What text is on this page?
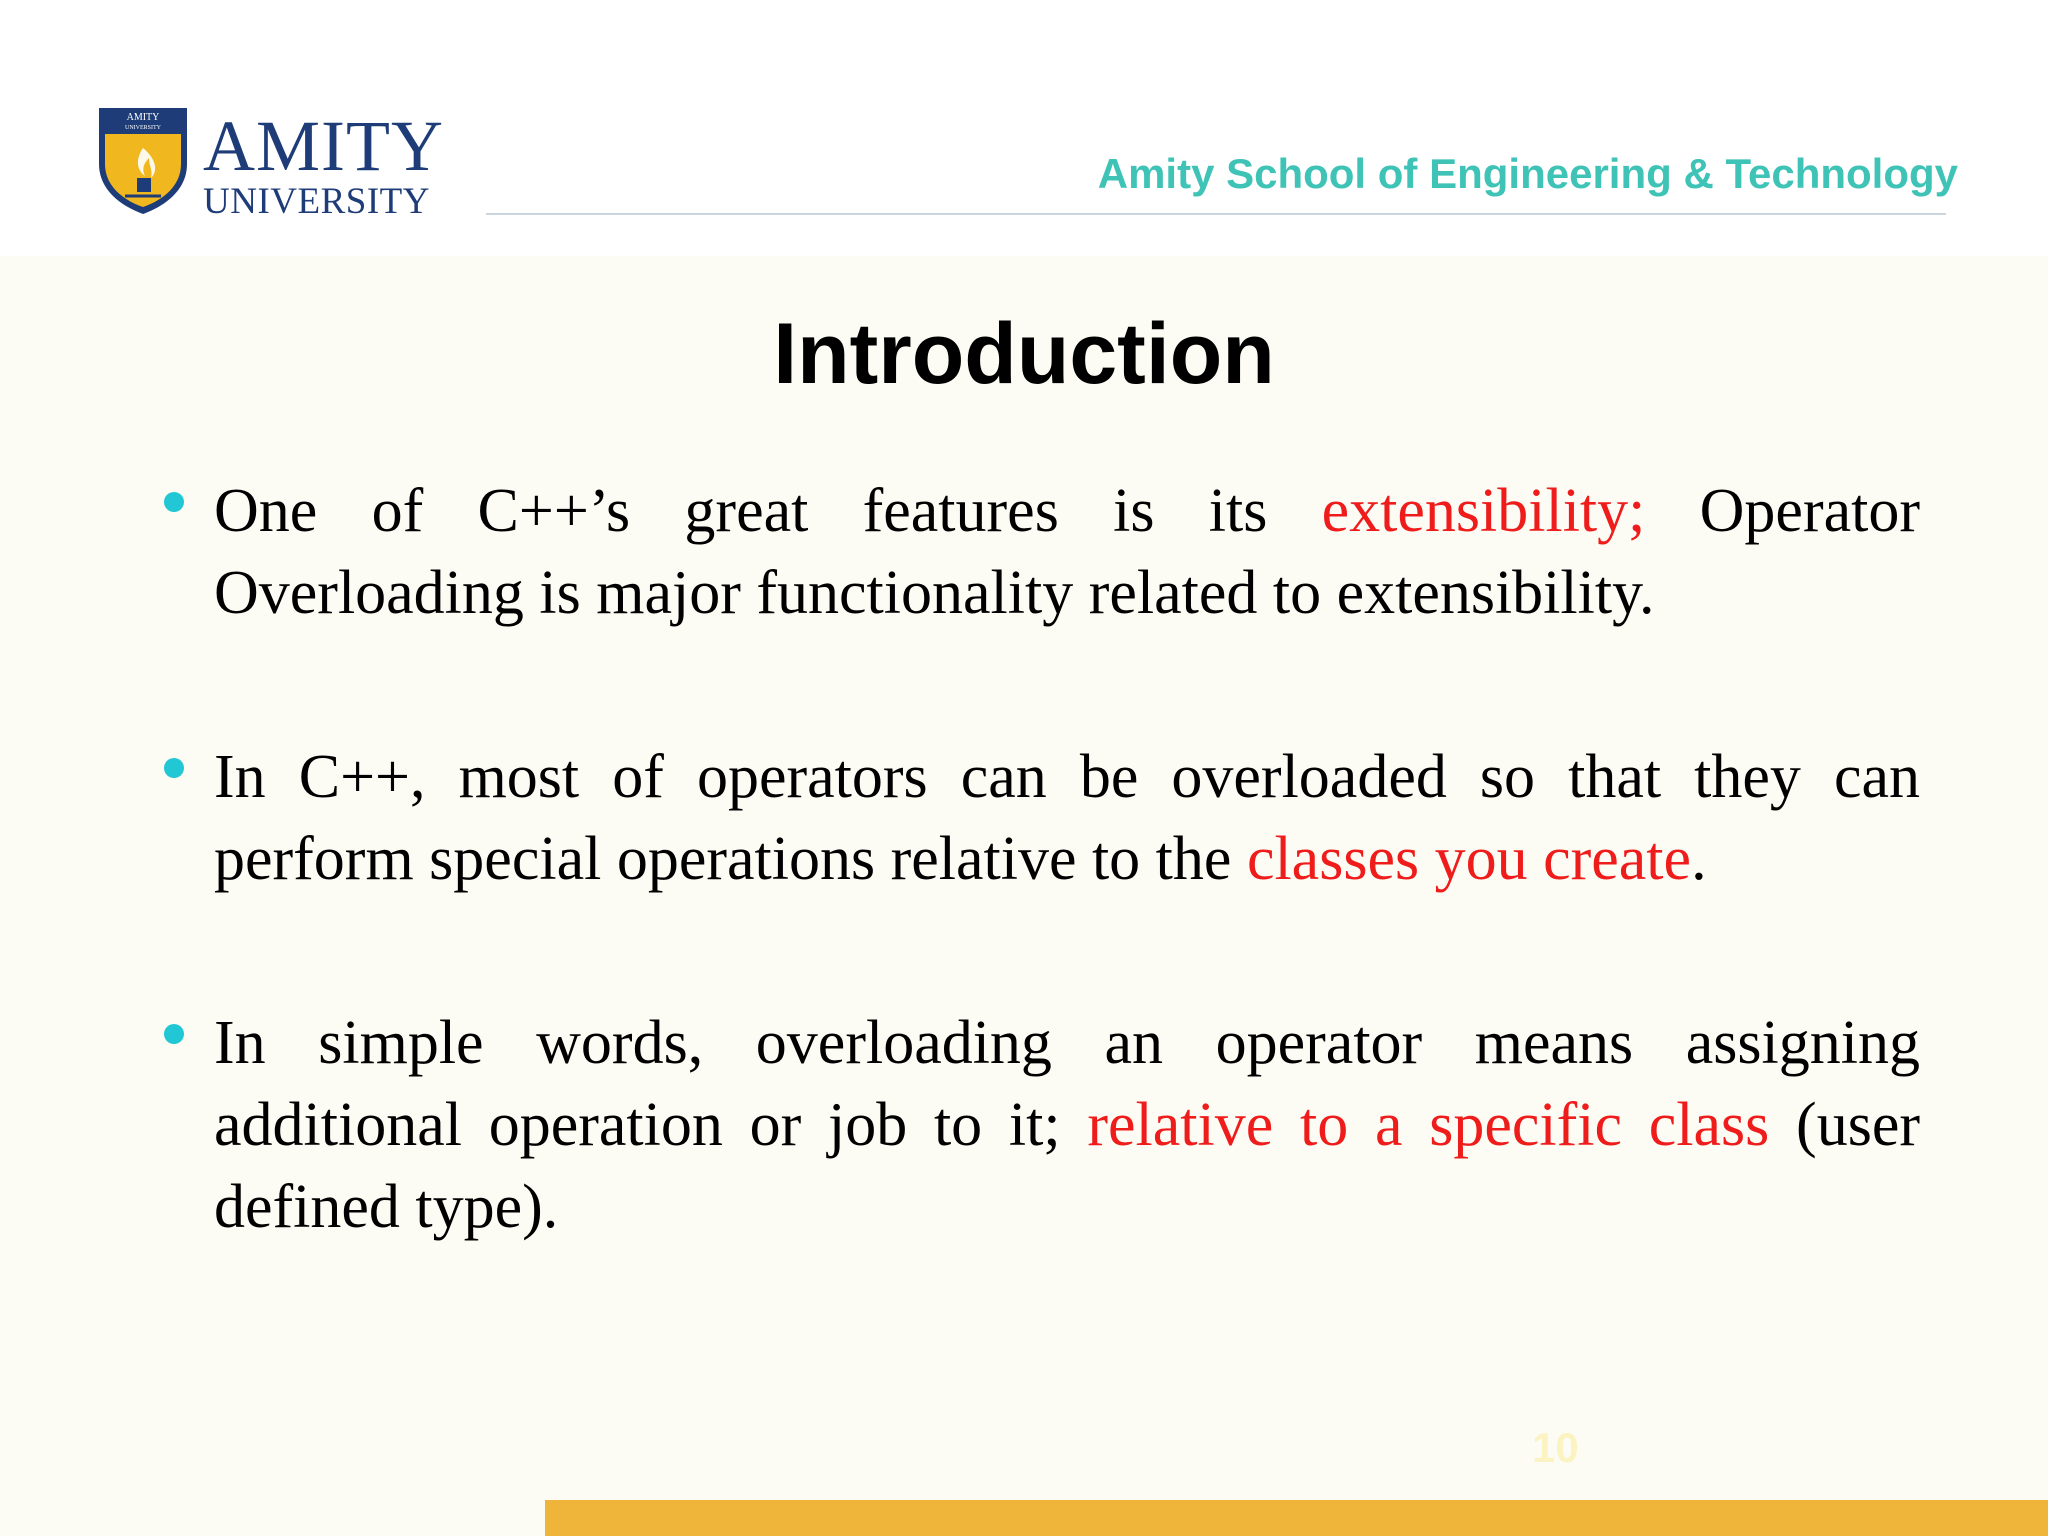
AMITY
UNIVERSITY AMITY
UNIVERSITY
Amity School of Engineering & Technology
Introduction
One of C++’s great features is its extensibility; Operator Overloading is major functionality related to extensibility.
In C++, most of operators can be overloaded so that they can perform special operations relative to the classes you create.
In simple words, overloading an operator means assigning additional operation or job to it; relative to a specific class (user defined type).
10
